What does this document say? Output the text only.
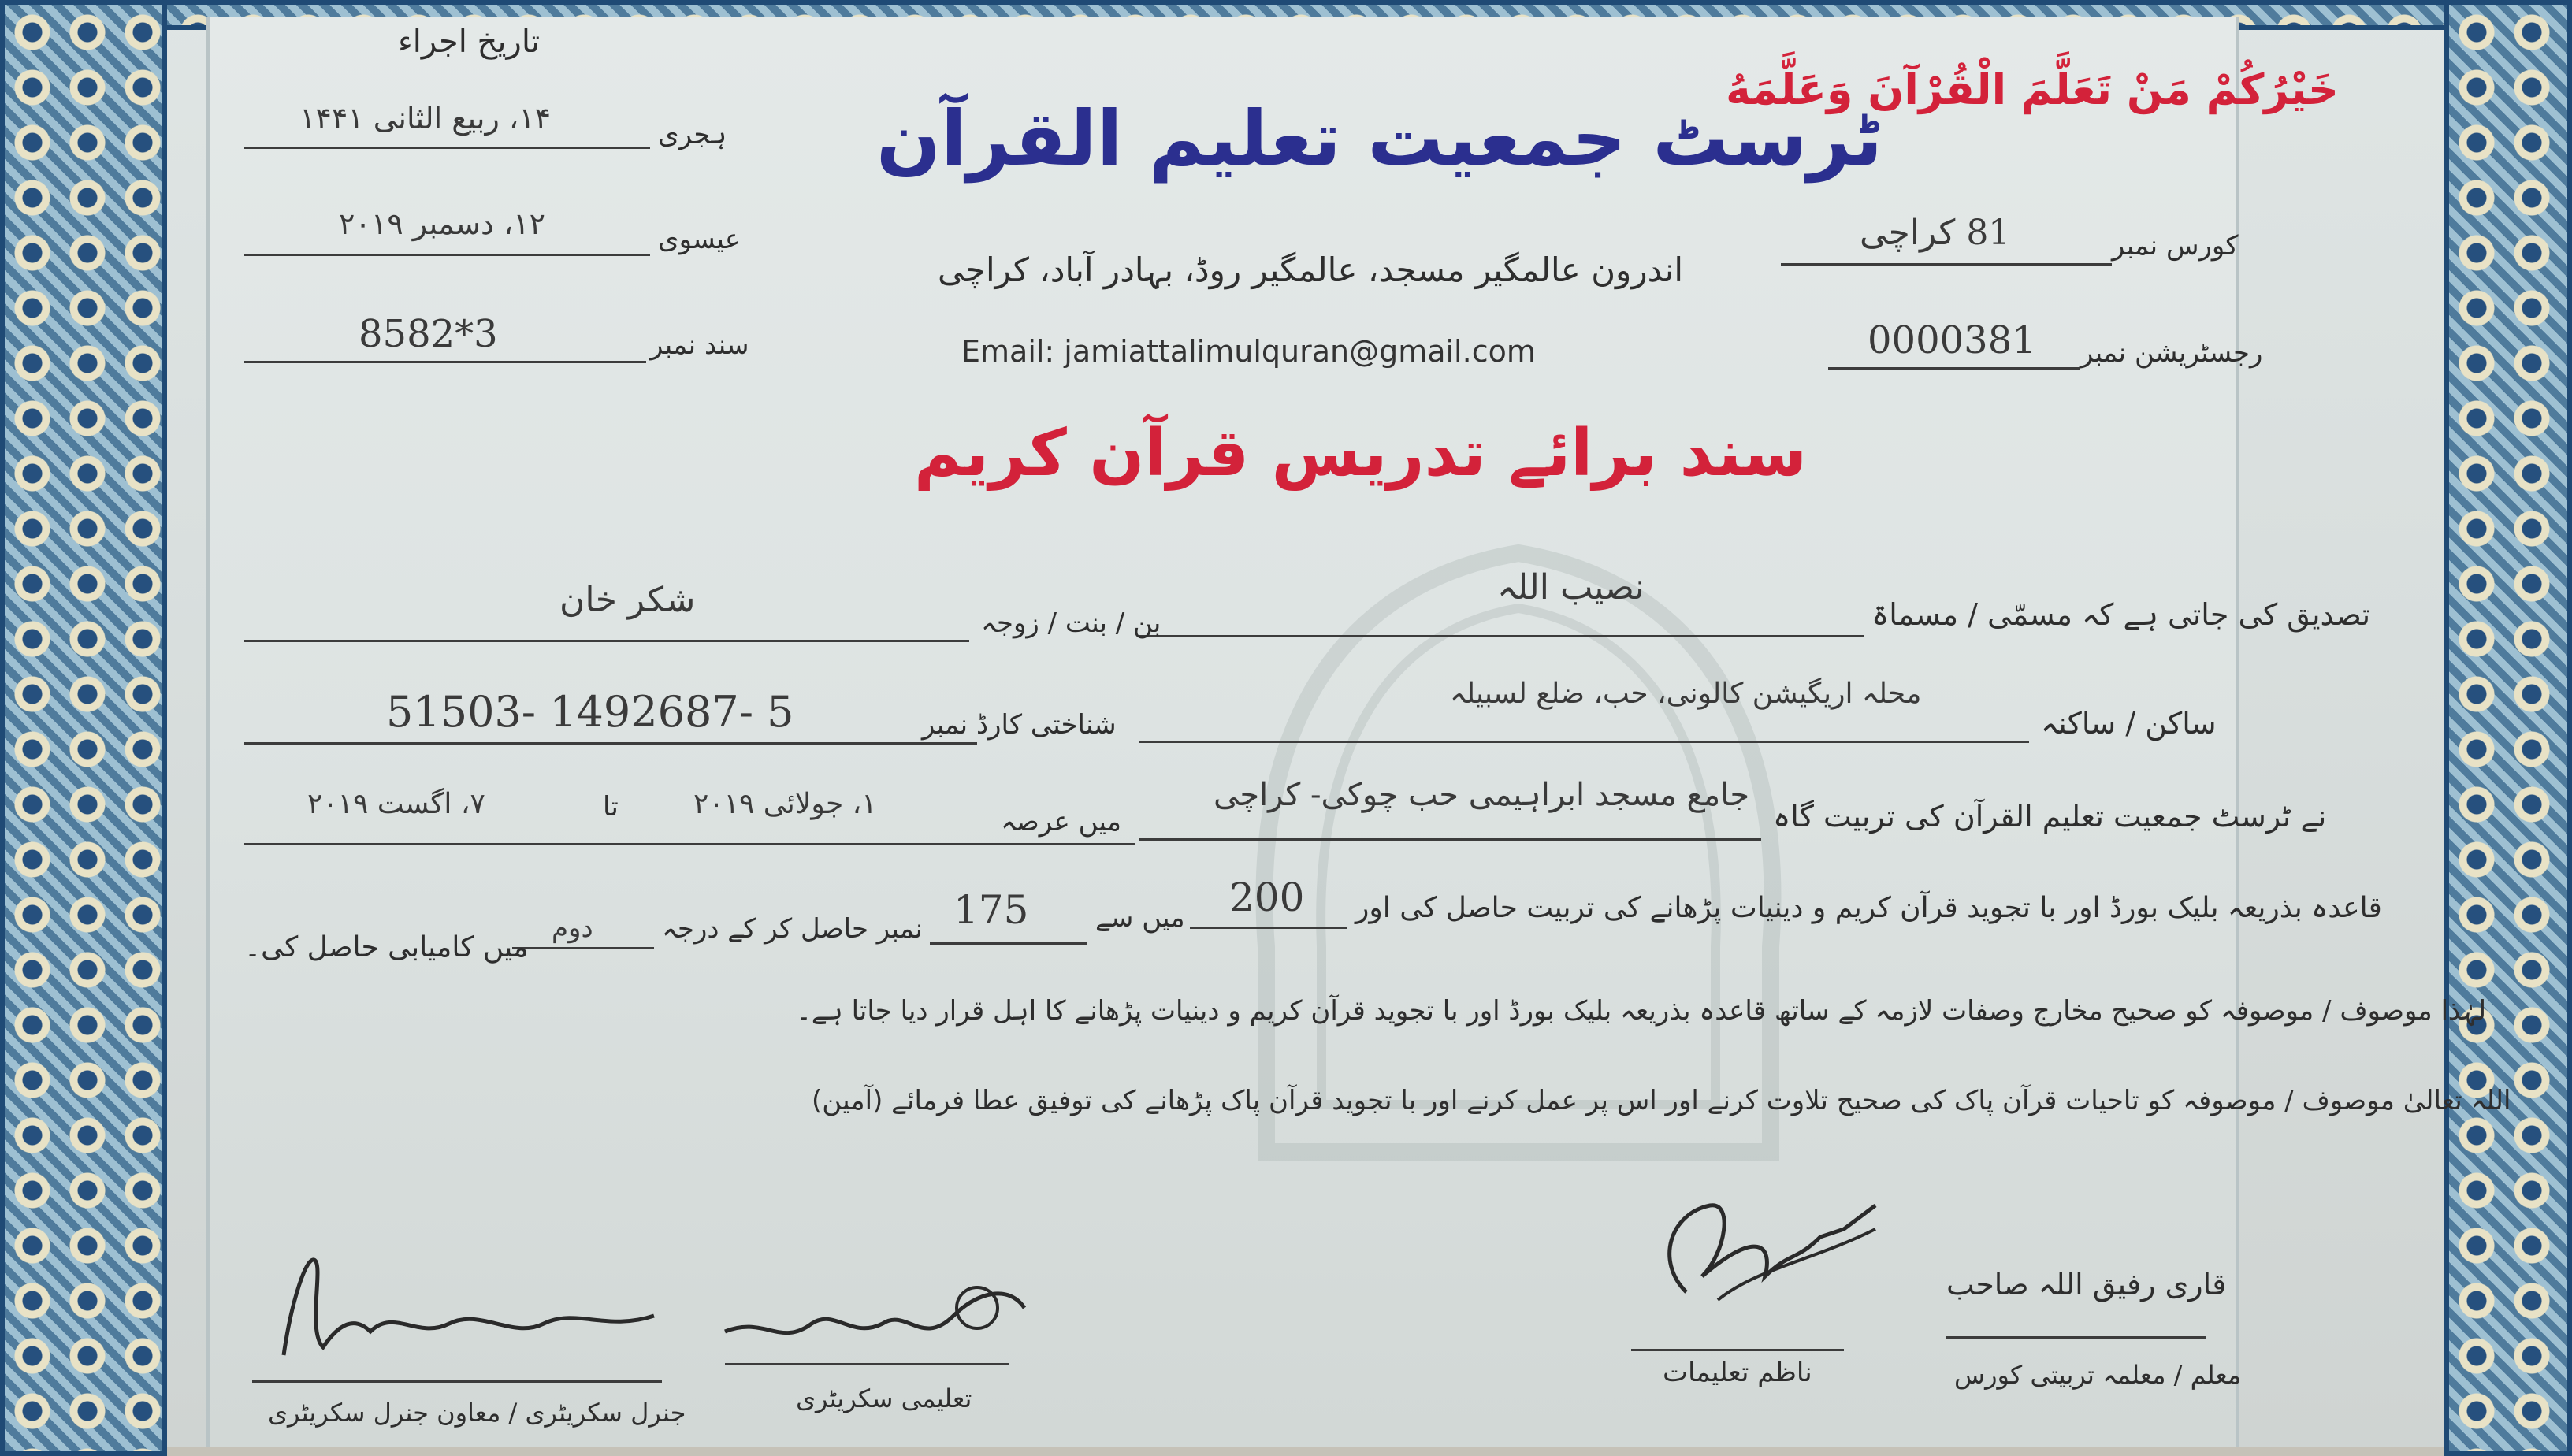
تاریخ اجراء
ہجری
۱۴، ربیع الثانی ۱۴۴۱
عیسوی
۱۲، دسمبر ۲۰۱۹
سند نمبر
8582*3
ٹرسٹ جمعیت تعلیم القرآن
اندرون عالمگیر مسجد، عالمگیر روڈ، بہادر آباد، کراچی
Email: jamiattalimulquran@gmail.com
سند برائے تدریس قرآن کریم
خَيْرُكُمْ مَنْ تَعَلَّمَ الْقُرْآنَ وَعَلَّمَهُ
کورس نمبر
81 کراچی
رجسٹریشن نمبر
0000381
تصدیق کی جاتی ہے کہ مسمّی / مسماۃ
نصیب اللہ
بن / بنت / زوجہ
شکر خان
ساکن / ساکنہ
محلہ اریگیشن کالونی، حب، ضلع لسبیلہ
شناختی کارڈ نمبر
51503- 1492687- 5
نے ٹرسٹ جمعیت تعلیم القرآن کی تربیت گاہ
جامع مسجد ابراہیمی حب چوکی- کراچی
میں عرصہ
۱، جولائی ۲۰۱۹
تا
۷، اگست ۲۰۱۹
قاعدہ بذریعہ بلیک بورڈ اور با تجوید قرآن کریم و دینیات پڑھانے کی تربیت حاصل کی اور
200
میں سے
175
نمبر حاصل کر کے درجہ
دوم
میں کامیابی حاصل کی۔
لہٰذا موصوف / موصوفہ کو صحیح مخارج وصفات لازمہ کے ساتھ قاعدہ بذریعہ بلیک بورڈ اور با تجوید قرآن کریم و دینیات پڑھانے کا اہل قرار دیا جاتا ہے۔
اللہ تعالیٰ موصوف / موصوفہ کو تاحیات قرآن پاک کی صحیح تلاوت کرنے اور اس پر عمل کرنے اور با تجوید قرآن پاک پڑھانے کی توفیق عطا فرمائے (آمین)
ناظم تعلیمات
قاری رفیق اللہ صاحب
معلم / معلمہ تربیتی کورس
تعلیمی سکریٹری
جنرل سکریٹری / معاون جنرل سکریٹری
